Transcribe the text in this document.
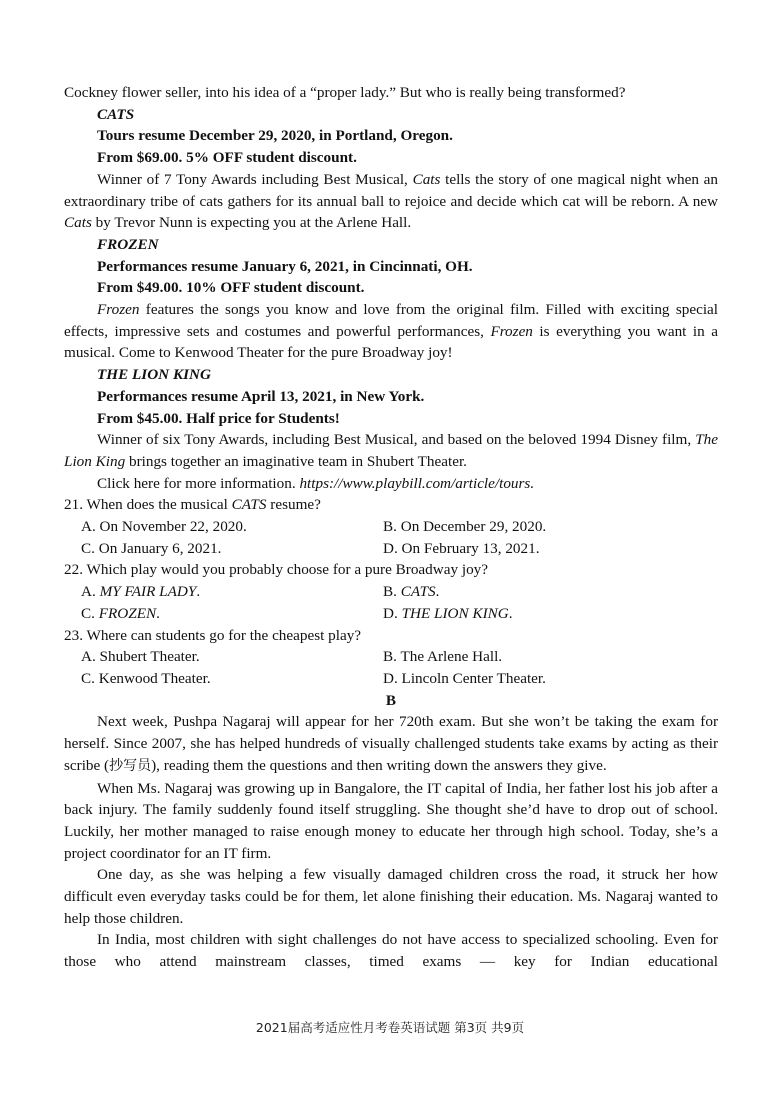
Cockney flower seller, into his idea of a “proper lady.” But who is really being transformed?

CATS

Tours resume December 29, 2020, in Portland, Oregon.

From $69.00. 5% OFF student discount.

Winner of 7 Tony Awards including Best Musical, Cats tells the story of one magical night when an extraordinary tribe of cats gathers for its annual ball to rejoice and decide which cat will be reborn. A new Cats by Trevor Nunn is expecting you at the Arlene Hall.

FROZEN

Performances resume January 6, 2021, in Cincinnati, OH.

From $49.00. 10% OFF student discount.

Frozen features the songs you know and love from the original film. Filled with exciting special effects, impressive sets and costumes and powerful performances, Frozen is everything you want in a musical. Come to Kenwood Theater for the pure Broadway joy!

THE LION KING

Performances resume April 13, 2021, in New York.

From $45.00. Half price for Students!

Winner of six Tony Awards, including Best Musical, and based on the beloved 1994 Disney film, The Lion King brings together an imaginative team in Shubert Theater.

Click here for more information. https://www.playbill.com/article/tours.

21. When does the musical CATS resume?

A. On November 22, 2020.	B. On December 29, 2020.
C. On January 6, 2021.	D. On February 13, 2021.

22. Which play would you probably choose for a pure Broadway joy?

A. MY FAIR LADY.	B. CATS.
C. FROZEN.	D. THE LION KING.

23. Where can students go for the cheapest play?

A. Shubert Theater.	B. The Arlene Hall.
C. Kenwood Theater.	D. Lincoln Center Theater.
B

Next week, Pushpa Nagaraj will appear for her 720th exam. But she won’t be taking the exam for herself. Since 2007, she has helped hundreds of visually challenged students take exams by acting as their scribe (抄写员), reading them the questions and then writing down the answers they give.

When Ms. Nagaraj was growing up in Bangalore, the IT capital of India, her father lost his job after a back injury. The family suddenly found itself struggling. She thought she’d have to drop out of school. Luckily, her mother managed to raise enough money to educate her through high school. Today, she’s a project coordinator for an IT firm.

One day, as she was helping a few visually damaged children cross the road, it struck her how difficult even everyday tasks could be for them, let alone finishing their education. Ms. Nagaraj wanted to help those children.

In India, most children with sight challenges do not have access to specialized schooling. Even for those who attend mainstream classes, timed exams — key for Indian educational

2021届高考适应性月考卷英语试题 第3页 共9页
